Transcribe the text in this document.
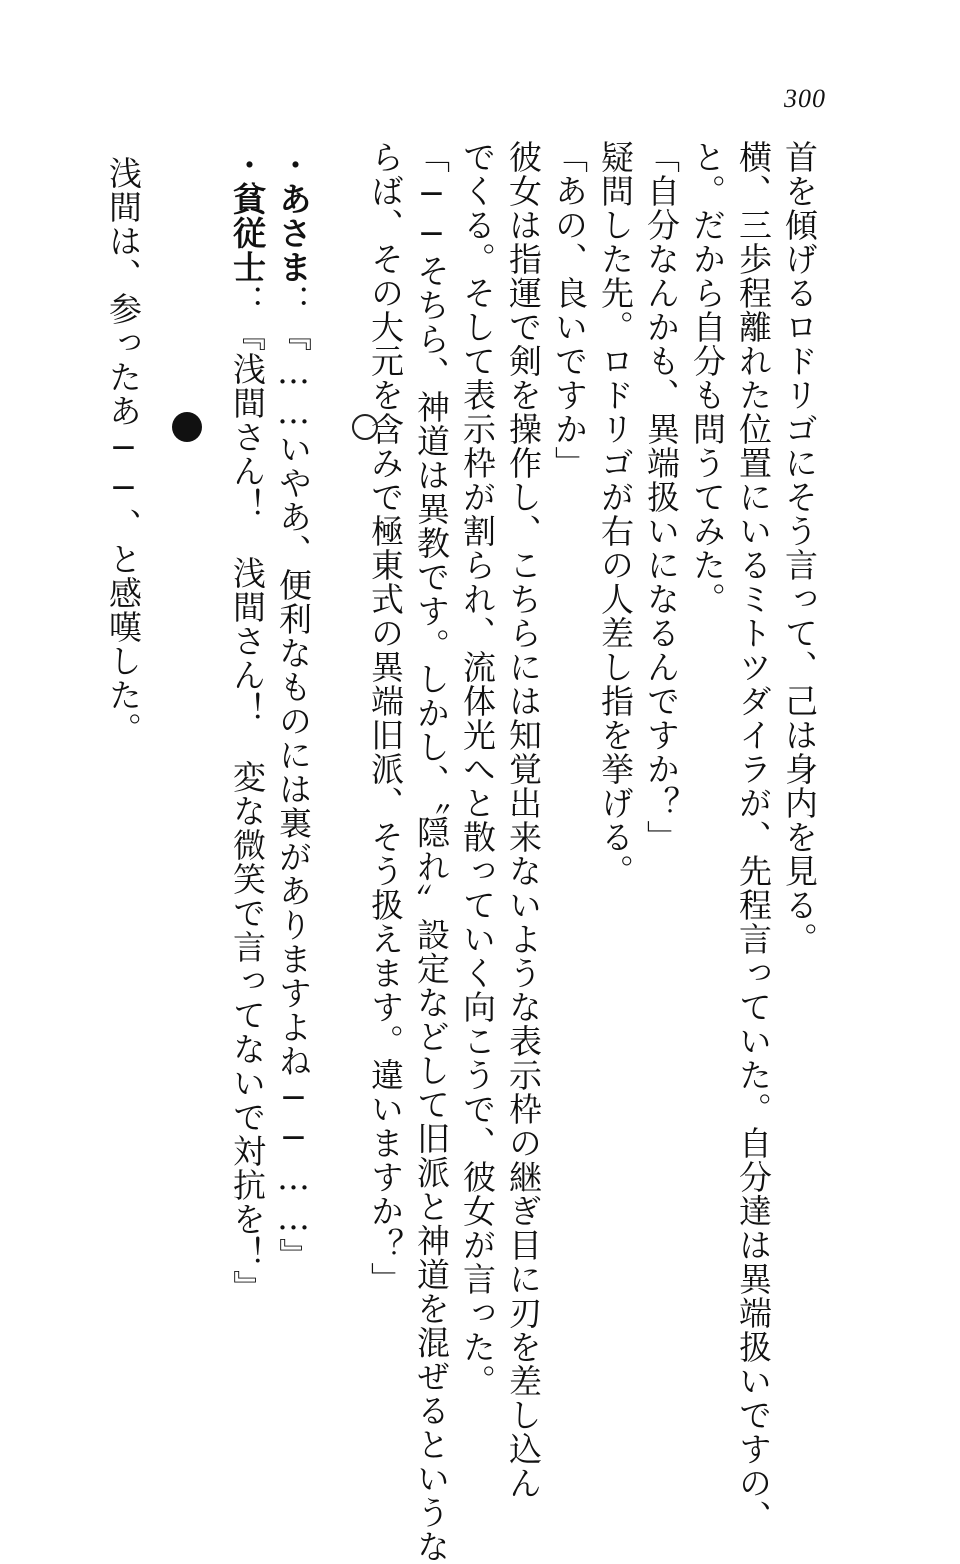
300
首を傾げるロドリゴにそう言って、己は身内を見る。
横、三歩程離れた位置にいるミトツダイラが、先程言っていた。自分達は異端扱いですの、
と。だから自分も問うてみた。
「自分なんかも、異端扱いになるんですか？」
疑問した先。ロドリゴが右の人差し指を挙げる。
「あの、良いですか」
彼女は指運で剣を操作し、こちらには知覚出来ないような表示枠の継ぎ目に刃を差し込ん
でくる。そして表示枠が割られ、流体光へと散っていく向こうで、彼女が言った。
「──そちら、神道は異教です。しかし、〝隠れ〟設定などして旧派と神道を混ぜるというな
らば、その大元を含みで極東式の異端旧派、そう扱えます。違いますか？」
・あさま：『……いやあ、便利なものには裏がありますよね──……』
・貧従士：『浅間さん！　浅間さん！　変な微笑で言ってないで対抗を！』
浅間は、参ったあ──、と感嘆した。
